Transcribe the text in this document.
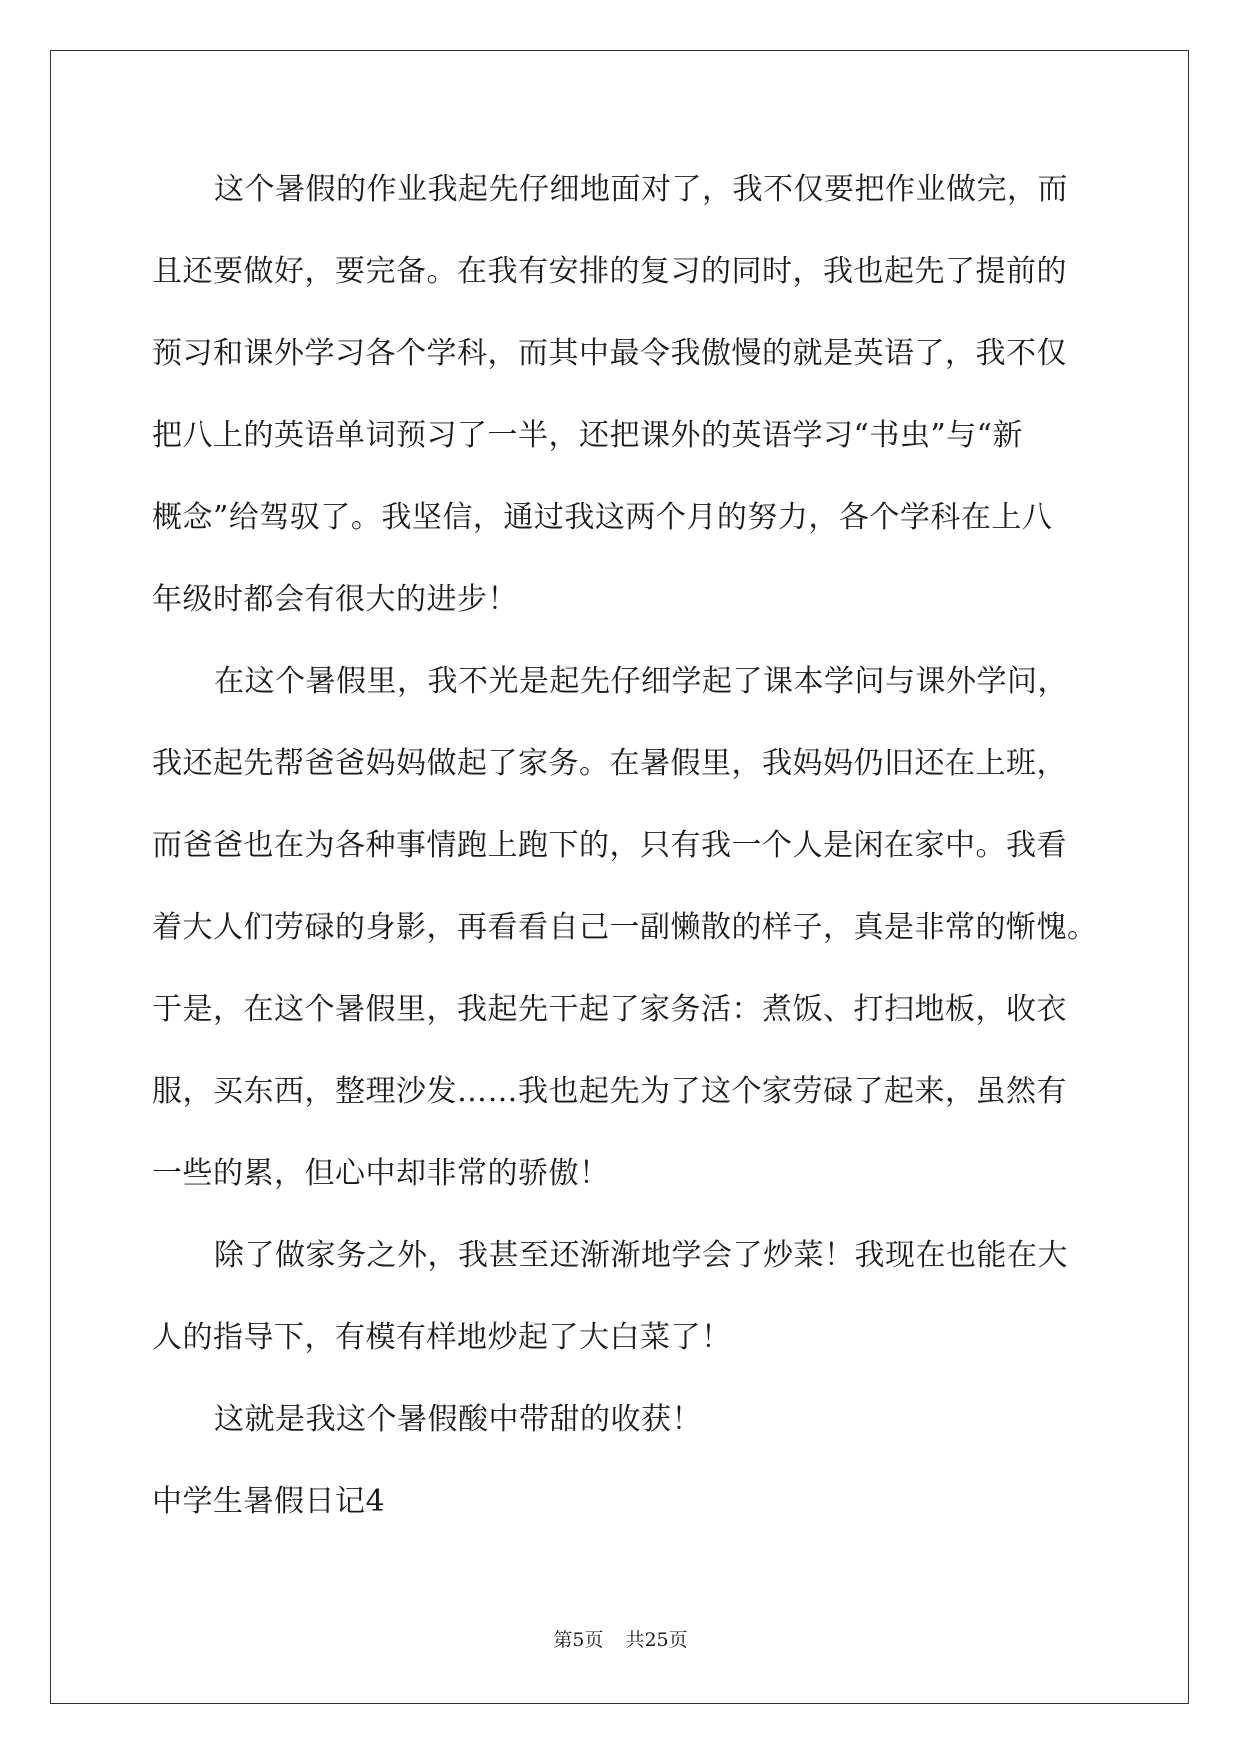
这个暑假的作业我起先仔细地面对了，我不仅要把作业做完，而
且还要做好，要完备。在我有安排的复习的同时，我也起先了提前的
预习和课外学习各个学科，而其中最令我傲慢的就是英语了，我不仅
把八上的英语单词预习了一半，还把课外的英语学习“书虫”与“新
概念”给驾驭了。我坚信，通过我这两个月的努力，各个学科在上八
年级时都会有很大的进步！
在这个暑假里，我不光是起先仔细学起了课本学问与课外学问，
我还起先帮爸爸妈妈做起了家务。在暑假里，我妈妈仍旧还在上班，
而爸爸也在为各种事情跑上跑下的，只有我一个人是闲在家中。我看
着大人们劳碌的身影，再看看自己一副懒散的样子，真是非常的惭愧。
于是，在这个暑假里，我起先干起了家务活：煮饭、打扫地板，收衣
服，买东西，整理沙发……我也起先为了这个家劳碌了起来，虽然有
一些的累，但心中却非常的骄傲！
除了做家务之外，我甚至还渐渐地学会了炒菜！我现在也能在大
人的指导下，有模有样地炒起了大白菜了！
这就是我这个暑假酸中带甜的收获！
中学生暑假日记4
第5页 共25页
